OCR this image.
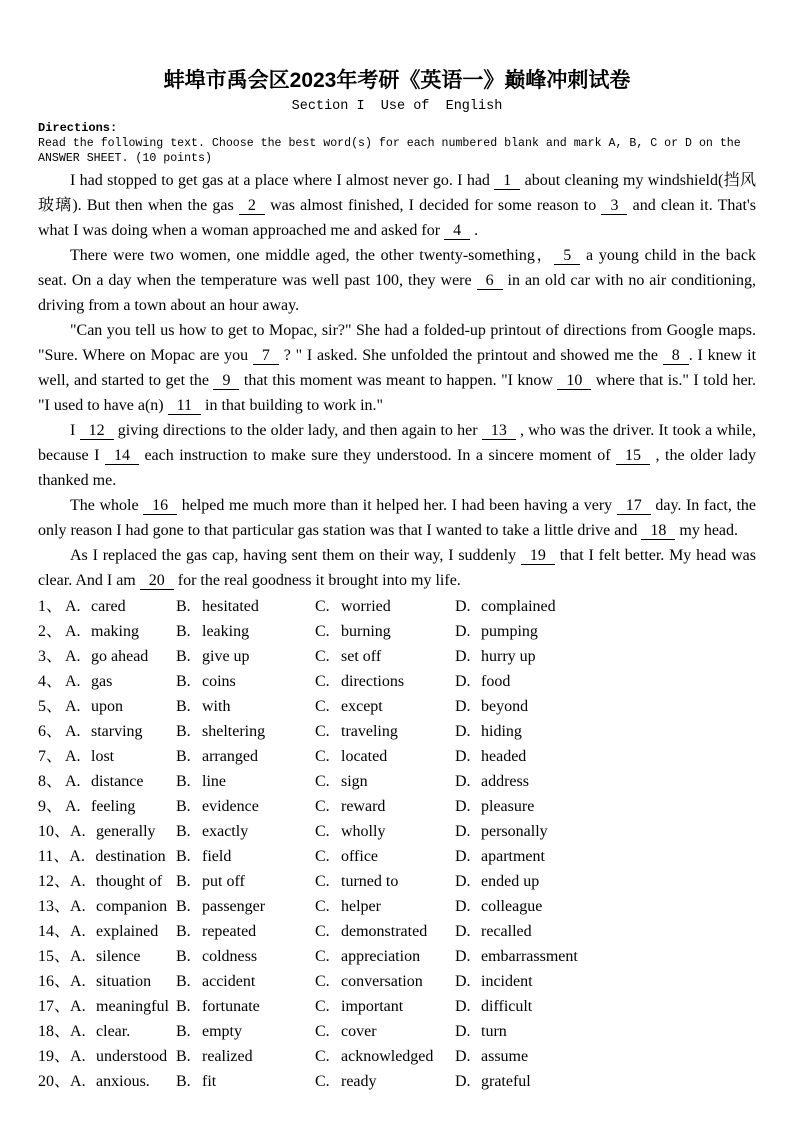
蚌埠市禹会区2023年考研《英语一》巅峰冲刺试卷
Section I  Use of  English
Directions:
Read the following text. Choose the best word(s) for each numbered blank and mark A, B, C or D on the ANSWER SHEET. (10 points)

I had stopped to get gas at a place where I almost never go. I had 1 about cleaning my windshield(挡风玻璃). But then when the gas 2 was almost finished, I decided for some reason to 3 and clean it. That's what I was doing when a woman approached me and asked for 4 .

There were two women, one middle aged, the other twenty-something， 5 a young child in the back seat. On a day when the temperature was well past 100, they were 6 in an old car with no air conditioning, driving from a town about an hour away.

"Can you tell us how to get to Mopac, sir?" She had a folded-up printout of directions from Google maps. "Sure. Where on Mopac are you 7 ? " I asked. She unfolded the printout and showed me the 8 . I knew it well, and started to get the 9 that this moment was meant to happen. "I know 10 where that is." I told her. "I used to have a(n) 11 in that building to work in."

I 12 giving directions to the older lady, and then again to her 13 , who was the driver. It took a while, because I 14 each instruction to make sure they understood. In a sincere moment of 15 , the older lady thanked me.

The whole 16 helped me much more than it helped her. I had been having a very 17 day. In fact, the only reason I had gone to that particular gas station was that I wanted to take a little drive and 18 my head.

As I replaced the gas cap, having sent them on their way, I suddenly 19 that I felt better. My head was clear. And I am 20 for the real goodness it brought into my life.

1、 A. cared	B. hesitated	C. worried	D. complained
2、 A. making	B. leaking	C. burning	D. pumping
3、 A. go ahead	B. give up	C. set off	D. hurry up
4、 A. gas	B. coins	C. directions	D. food
5、 A. upon	B. with	C. except	D. beyond
6、 A. starving	B. sheltering	C. traveling	D. hiding
7、 A. lost	B. arranged	C. located	D. headed
8、 A. distance	B. line	C. sign	D. address
9、 A. feeling	B. evidence	C. reward	D. pleasure
10、A. generally	B. exactly	C. wholly	D. personally
11、A. destination B. field	C. office	D. apartment
12、A. thought of B. put off	C. turned to	D. ended up
13、A. companion B. passenger	C. helper	D. colleague
14、A. explained	B. repeated	C. demonstrated	D. recalled
15、A. silence	B. coldness	C. appreciation	D. embarrassment
16、A. situation	B. accident	C. conversation	D. incident
17、A. meaningful B. fortunate	C. important	D. difficult
18、A. clear.	B. empty	C. cover	D. turn
19、A. understood B. realized	C. acknowledged	D. assume
20、A. anxious.	B. fit	C. ready	D. grateful
